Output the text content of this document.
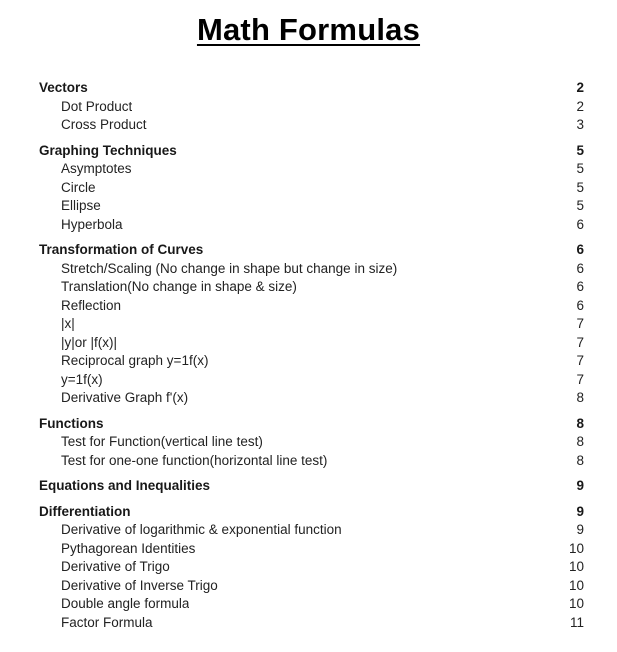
Math Formulas
Vectors	2
Dot Product	2
Cross Product	3
Graphing Techniques	5
Asymptotes	5
Circle	5
Ellipse	5
Hyperbola	6
Transformation of Curves	6
Stretch/Scaling (No change in shape but change in size)	6
Translation(No change in shape & size)	6
Reflection	6
|x|	7
|y|or |f(x)|	7
Reciprocal graph y=1f(x)	7
y=1f(x)	7
Derivative Graph f'(x)	8
Functions	8
Test for Function(vertical line test)	8
Test for one-one function(horizontal line test)	8
Equations and Inequalities	9
Differentiation	9
Derivative of logarithmic & exponential function	9
Pythagorean Identities	10
Derivative of Trigo	10
Derivative of Inverse Trigo	10
Double angle formula	10
Factor Formula	11
